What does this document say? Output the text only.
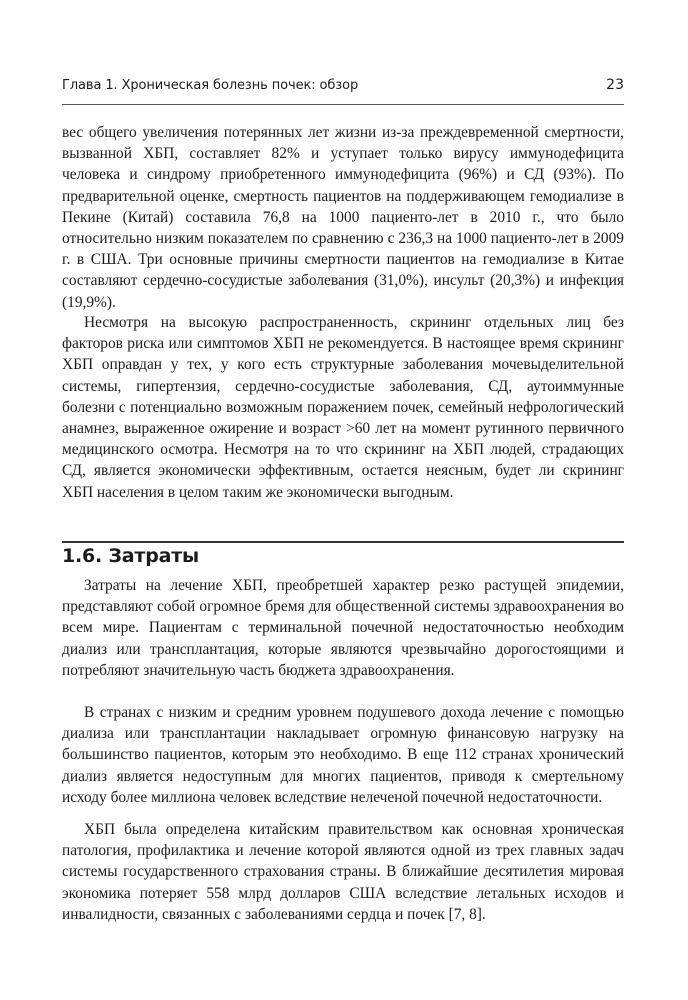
Глава 1. Хроническая болезнь почек: обзор	23

вес общего увеличения потерянных лет жизни из-за преждевременной смертности, вызванной ХБП, составляет 82% и уступает только вирусу иммунодефицита человека и синдрому приобретенного иммунодефицита (96%) и СД (93%). По предварительной оценке, смертность пациентов на поддерживающем гемодиализе в Пекине (Китай) составила 76,8 на 1000 пациенто-лет в 2010 г., что было относительно низким показателем по сравнению с 236,3 на 1000 пациенто-лет в 2009 г. в США. Три основные причины смертности пациентов на гемодиализе в Китае составляют сердечно-сосудистые заболевания (31,0%), инсульт (20,3%) и инфекция (19,9%).

Несмотря на высокую распространенность, скрининг отдельных лиц без факторов риска или симптомов ХБП не рекомендуется. В настоящее время скрининг ХБП оправдан у тех, у кого есть структурные заболевания мочевыделительной системы, гипертензия, сердечно-сосудистые заболевания, СД, аутоиммунные болезни с потенциально возможным поражением почек, семейный нефрологический анамнез, выраженное ожирение и возраст >60 лет на момент рутинного первичного медицинского осмотра. Несмотря на то что скрининг на ХБП людей, страдающих СД, является экономически эффективным, остается неясным, будет ли скрининг ХБП населения в целом таким же экономически выгодным.

1.6. Затраты

Затраты на лечение ХБП, преобретшей характер резко растущей эпидемии, представляют собой огромное бремя для общественной системы здравоохранения во всем мире. Пациентам с терминальной почечной недостаточностью необходим диализ или трансплантация, которые являются чрезвычайно дорогостоящими и потребляют значительную часть бюджета здравоохранения.

В странах с низким и средним уровнем подушевого дохода лечение с помощью диализа или трансплантации накладывает огромную финансовую нагрузку на большинство пациентов, которым это необходимо. В еще 112 странах хронический диализ является недоступным для многих пациентов, приводя к смертельному исходу более миллиона человек вследствие нелеченой почечной недостаточности.

ХБП была определена китайским правительством как основная хроническая патология, профилактика и лечение которой являются одной из трех главных задач системы государственного страхования страны. В ближайшие десятилетия мировая экономика потеряет 558 млрд долларов США вследствие летальных исходов и инвалидности, связанных с заболеваниями сердца и почек [7, 8].
